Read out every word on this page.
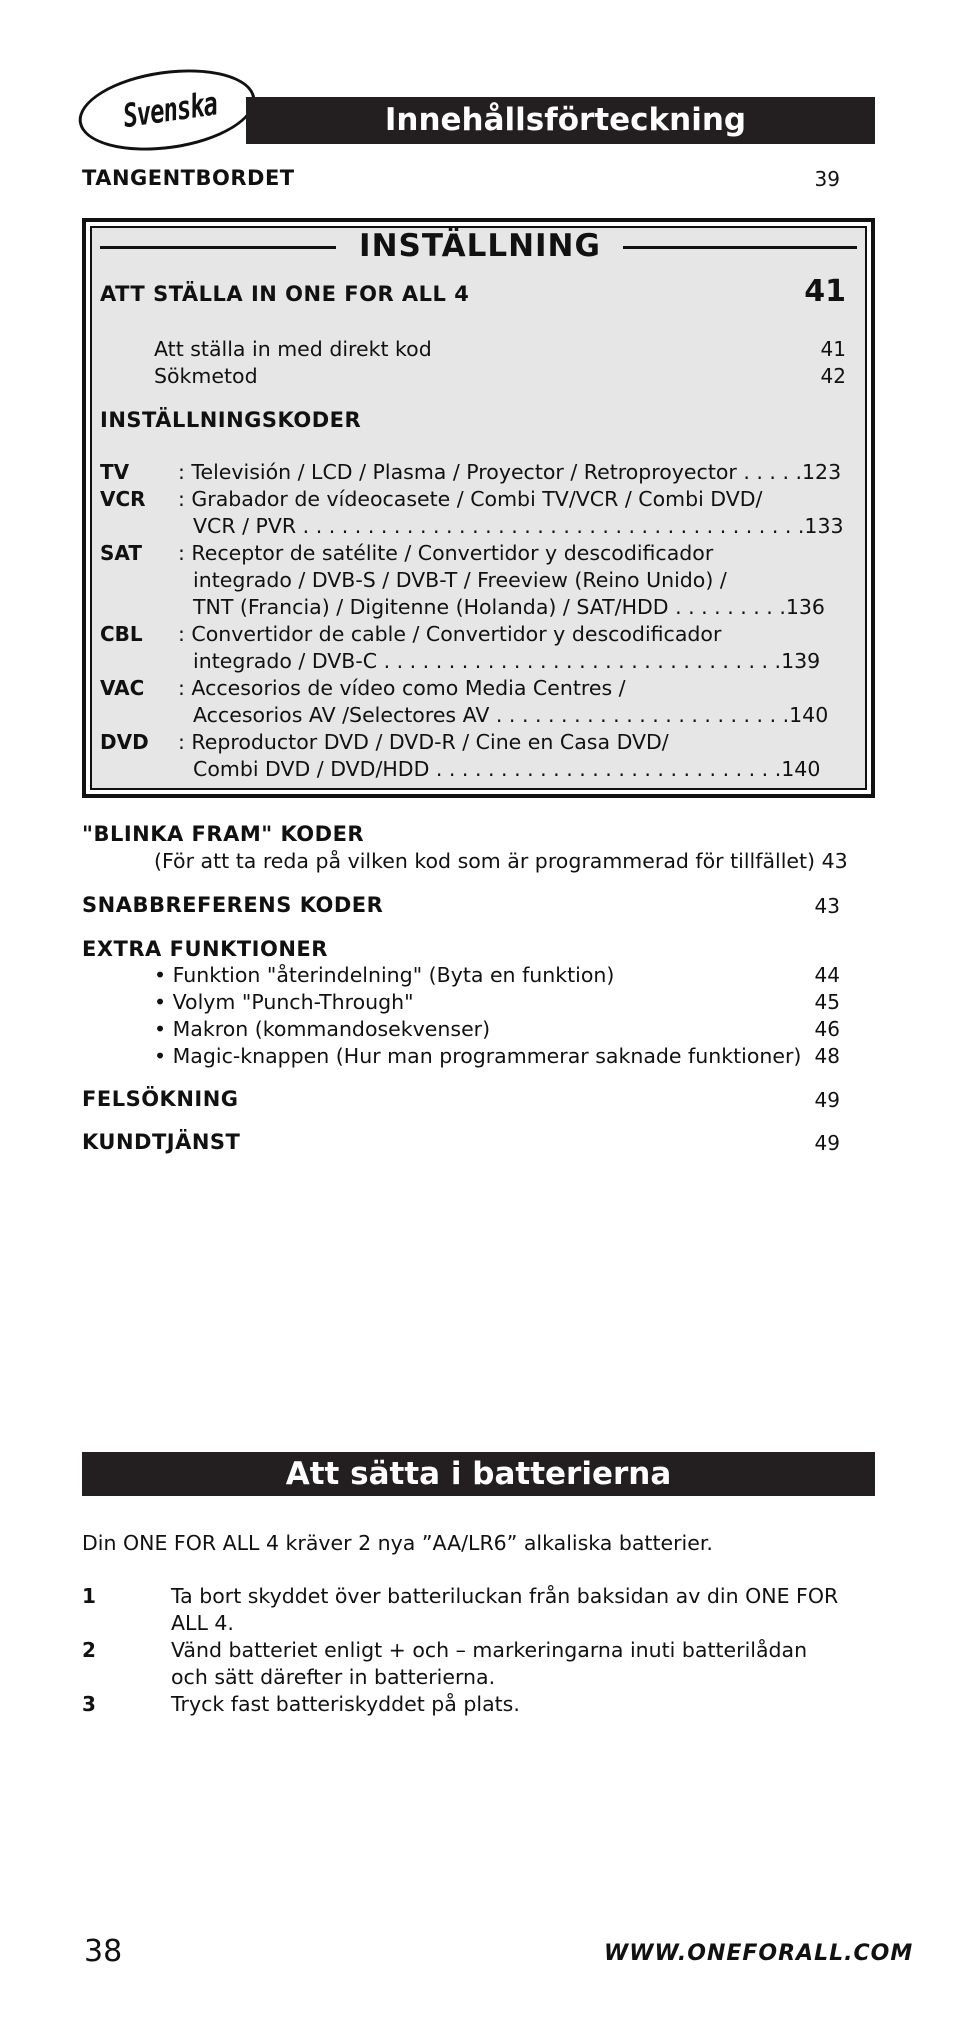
Svenska	Innehållsförteckning
TANGENTBORDET	39
INSTÄLLNING
ATT STÄLLA IN ONE FOR ALL 4	41
Att ställa in med direkt kod	41
Sökmetod	42
INSTÄLLNINGSKODER
TV : Televisión / LCD / Plasma / Proyector / Retroproyector . . . . .123
VCR : Grabador de vídeocasete / Combi TV/VCR / Combi DVD/
VCR / PVR . . . . . . . . . . . . . . . . . . . . . . . . . . . . . . . . . . . . . . .133
SAT : Receptor de satélite / Convertidor y descodificador
integrado / DVB-S / DVB-T / Freeview (Reino Unido) /
TNT (Francia) / Digitenne (Holanda) / SAT/HDD . . . . . . . . .136
CBL : Convertidor de cable / Convertidor y descodificador
integrado / DVB-C . . . . . . . . . . . . . . . . . . . . . . . . . . . . . . .139
VAC : Accesorios de vídeo como Media Centres /
Accesorios AV /Selectores AV . . . . . . . . . . . . . . . . . . . . . . .140
DVD : Reproductor DVD / DVD-R / Cine en Casa DVD/
Combi DVD / DVD/HDD . . . . . . . . . . . . . . . . . . . . . . . . . . .140
"BLINKA FRAM" KODER
(För att ta reda på vilken kod som är programmerad för tillfället) 43
SNABBREFERENS KODER	43
EXTRA FUNKTIONER
• Funktion "återindelning" (Byta en funktion)	44
• Volym "Punch-Through"	45
• Makron (kommandosekvenser)	46
• Magic-knappen (Hur man programmerar saknade funktioner) 48
FELSÖKNING	49
KUNDTJÄNST	49
Att sätta i batterierna
Din ONE FOR ALL 4 kräver 2 nya ”AA/LR6” alkaliska batterier.
1	Ta bort skyddet över batteriluckan från baksidan av din ONE FOR
ALL 4.
2	Vänd batteriet enligt + och – markeringarna inuti batterilådan
och sätt därefter in batterierna.
3	Tryck fast batteriskyddet på plats.
38	WWW.ONEFORALL.COM
